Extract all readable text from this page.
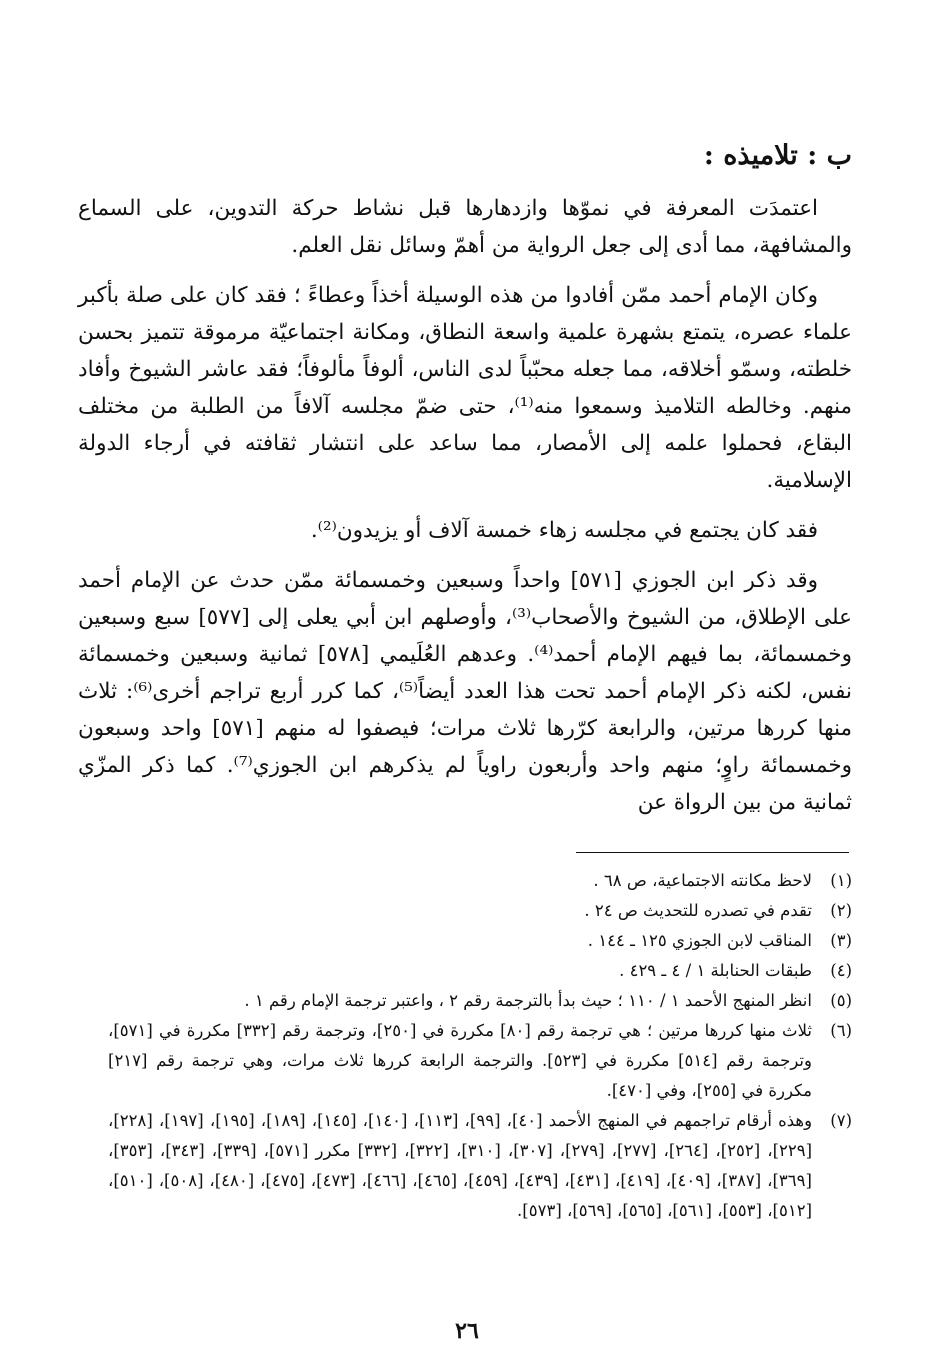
ب : تلاميذه :

اعتمدَت المعرفة في نموّها وازدهارها قبل نشاط حركة التدوين، على السماع والمشافهة، مما أدى إلى جعل الرواية من أهمّ وسائل نقل العلم.

وكان الإمام أحمد ممّن أفادوا من هذه الوسيلة أخذاً وعطاءً ؛ فقد كان على صلة بأكبر علماء عصره، يتمتع بشهرة علمية واسعة النطاق، ومكانة اجتماعيّة مرموقة تتميز بحسن خلطته، وسمّو أخلاقه، مما جعله محبّباً لدى الناس، ألوفاً مألوفاً؛ فقد عاشر الشيوخ وأفاد منهم. وخالطه التلاميذ وسمعوا منه⁽¹⁾، حتى ضمّ مجلسه آلافاً من الطلبة من مختلف البقاع، فحملوا علمه إلى الأمصار، مما ساعد على انتشار ثقافته في أرجاء الدولة الإسلامية.

فقد كان يجتمع في مجلسه زهاء خمسة آلاف أو يزيدون⁽²⁾.

وقد ذكر ابن الجوزي [٥٧١] واحداً وسبعين وخمسمائة ممّن حدث عن الإمام أحمد على الإطلاق، من الشيوخ والأصحاب⁽³⁾، وأوصلهم ابن أبي يعلى إلى [٥٧٧] سبع وسبعين وخمسمائة، بما فيهم الإمام أحمد⁽⁴⁾. وعدهم العُلَيمي [٥٧٨] ثمانية وسبعين وخمسمائة نفس، لكنه ذكر الإمام أحمد تحت هذا العدد أيضاً⁽⁵⁾، كما كرر أربع تراجم أخرى⁽⁶⁾: ثلاث منها كررها مرتين، والرابعة كرّرها ثلاث مرات؛ فيصفوا له منهم [٥٧١] واحد وسبعون وخمسمائة راوٍ؛ منهم واحد وأربعون راوياً لم يذكرهم ابن الجوزي⁽⁷⁾. كما ذكر المزّي ثمانية من بين الرواة عن

(١)
لاحظ مكانته الاجتماعية، ص ٦٨ .
(٢)
تقدم في تصدره للتحديث ص ٢٤ .
(٣)
المناقب لابن الجوزي ١٢٥ ـ ١٤٤ .
(٤)
طبقات الحنابلة ١ / ٤ ـ ٤٢٩ .
(٥)
انظر المنهج الأحمد ١ / ١١٠ ؛ حيث بدأ بالترجمة رقم ٢ ، واعتبر ترجمة الإمام رقم ١ .
(٦)
ثلاث منها كررها مرتين ؛ هي ترجمة رقم [٨٠] مكررة في [٢٥٠]، وترجمة رقم [٣٣٢] مكررة في [٥٧١]، وترجمة رقم [٥١٤] مكررة في [٥٢٣]. والترجمة الرابعة كررها ثلاث مرات، وهي ترجمة رقم [٢١٧] مكررة في [٢٥٥]، وفي [٤٧٠].
(٧)
وهذه أرقام تراجمهم في المنهج الأحمد [٤٠]، [٩٩]، [١١٣]، [١٤٠]، [١٤٥]، [١٨٩]، [١٩٥]، [١٩٧]، [٢٢٨]، [٢٢٩]، [٢٥٢]، [٢٦٤]، [٢٧٧]، [٢٧٩]، [٣٠٧]، [٣١٠]، [٣٢٢]، [٣٣٢] مكرر [٥٧١]، [٣٣٩]، [٣٤٣]، [٣٥٣]، [٣٦٩]، [٣٨٧]، [٤٠٩]، [٤١٩]، [٤٣١]، [٤٣٩]، [٤٥٩]، [٤٦٥]، [٤٦٦]، [٤٧٣]، [٤٧٥]، [٤٨٠]، [٥٠٨]، [٥١٠]، [٥١٢]، [٥٥٣]، [٥٦١]، [٥٦٥]، [٥٦٩]، [٥٧٣].
٢٦
